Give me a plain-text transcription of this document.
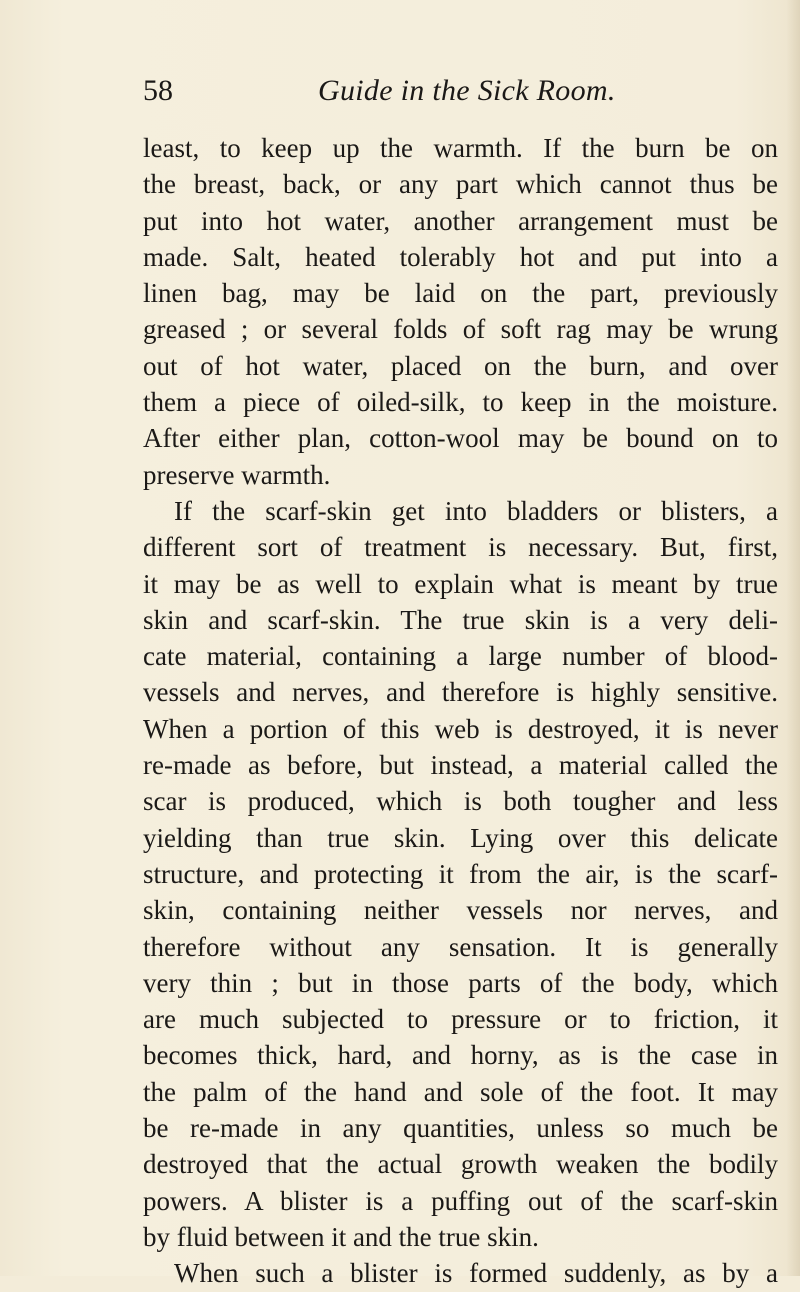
58	Guide in the Sick Room.
least, to keep up the warmth. If the burn be on
the breast, back, or any part which cannot thus be
put into hot water, another arrangement must be
made. Salt, heated tolerably hot and put into a
linen bag, may be laid on the part, previously
greased ; or several folds of soft rag may be wrung
out of hot water, placed on the burn, and over
them a piece of oiled-silk, to keep in the moisture.
After either plan, cotton-wool may be bound on to
preserve warmth.
If the scarf-skin get into bladders or blisters, a
different sort of treatment is necessary. But, first,
it may be as well to explain what is meant by true
skin and scarf-skin. The true skin is a very deli-
cate material, containing a large number of blood-
vessels and nerves, and therefore is highly sensitive.
When a portion of this web is destroyed, it is never
re-made as before, but instead, a material called the
scar is produced, which is both tougher and less
yielding than true skin. Lying over this delicate
structure, and protecting it from the air, is the scarf-
skin, containing neither vessels nor nerves, and
therefore without any sensation. It is generally
very thin ; but in those parts of the body, which
are much subjected to pressure or to friction, it
becomes thick, hard, and horny, as is the case in
the palm of the hand and sole of the foot. It may
be re-made in any quantities, unless so much be
destroyed that the actual growth weaken the bodily
powers. A blister is a puffing out of the scarf-skin
by fluid between it and the true skin.
When such a blister is formed suddenly, as by a
